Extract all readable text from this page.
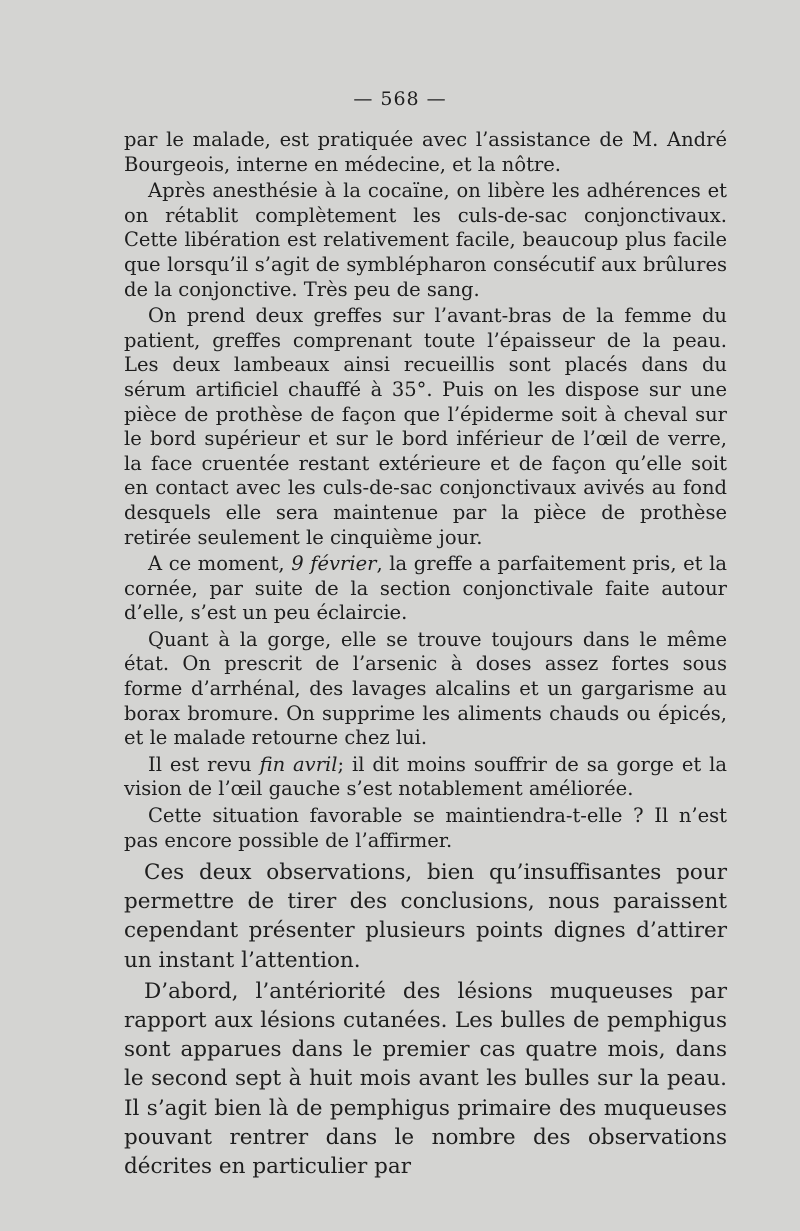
— 568 —

par le malade, est pratiquée avec l’assistance de M. André Bourgeois, interne en médecine, et la nôtre.

Après anesthésie à la cocaïne, on libère les adhérences et on rétablit complètement les culs-de-sac conjonctivaux. Cette libération est relativement facile, beaucoup plus facile que lorsqu’il s’agit de symblépharon consécutif aux brûlures de la conjonctive. Très peu de sang.

On prend deux greffes sur l’avant-bras de la femme du patient, greffes comprenant toute l’épaisseur de la peau. Les deux lambeaux ainsi recueillis sont placés dans du sérum artificiel chauffé à 35°. Puis on les dispose sur une pièce de prothèse de façon que l’épiderme soit à cheval sur le bord supérieur et sur le bord inférieur de l’œil de verre, la face cruentée restant extérieure et de façon qu’elle soit en contact avec les culs-de-sac conjonctivaux avivés au fond desquels elle sera maintenue par la pièce de prothèse retirée seulement le cinquième jour.

A ce moment, 9 février, la greffe a parfaitement pris, et la cornée, par suite de la section conjonctivale faite autour d’elle, s’est un peu éclaircie.

Quant à la gorge, elle se trouve toujours dans le même état. On prescrit de l’arsenic à doses assez fortes sous forme d’arrhénal, des lavages alcalins et un gargarisme au borax bromure. On supprime les aliments chauds ou épicés, et le malade retourne chez lui.

Il est revu fin avril; il dit moins souffrir de sa gorge et la vision de l’œil gauche s’est notablement améliorée.

Cette situation favorable se maintiendra-t-elle ? Il n’est pas encore possible de l’affirmer.

Ces deux observations, bien qu’insuffisantes pour permettre de tirer des conclusions, nous paraissent cependant présenter plusieurs points dignes d’attirer un instant l’attention.

D’abord, l’antériorité des lésions muqueuses par rapport aux lésions cutanées. Les bulles de pemphigus sont apparues dans le premier cas quatre mois, dans le second sept à huit mois avant les bulles sur la peau. Il s’agit bien là de pemphigus primaire des muqueuses pouvant rentrer dans le nombre des observations décrites en particulier par
